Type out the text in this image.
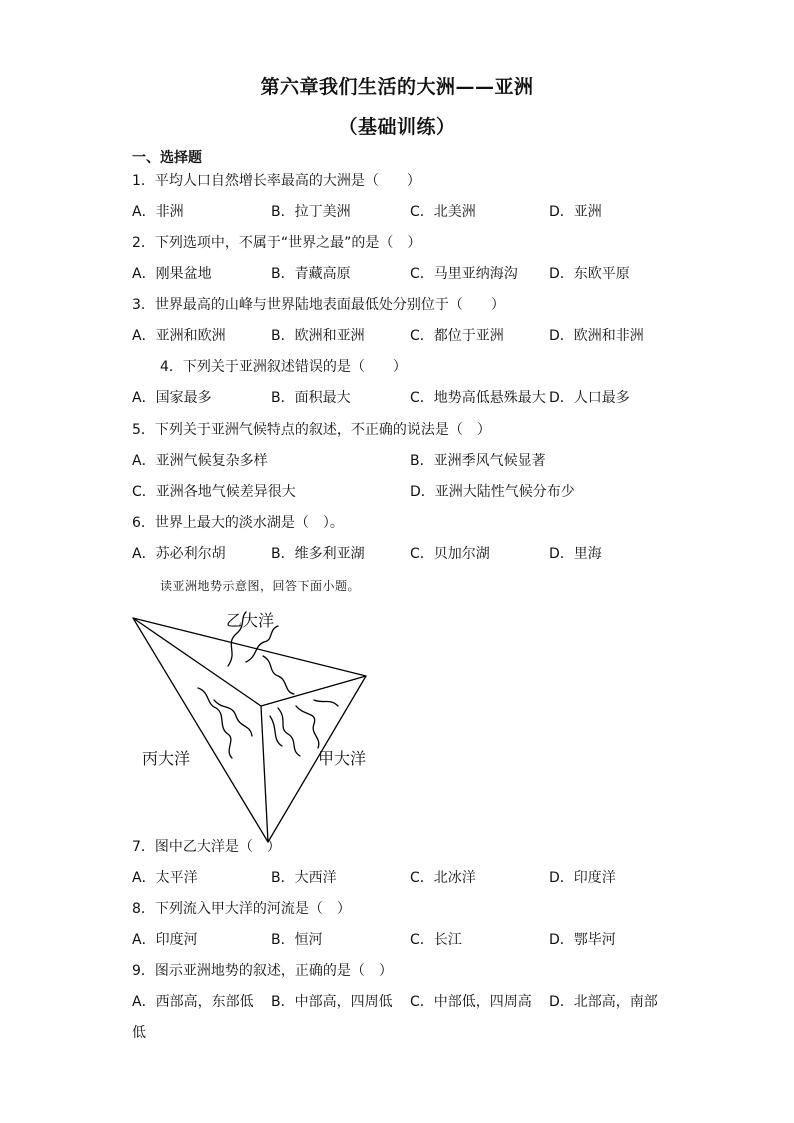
第六章我们生活的大洲——亚洲
（基础训练）
一、选择题
1．平均人口自然增长率最高的大洲是（　　）
A．非洲	B．拉丁美洲	C．北美洲	D．亚洲
2．下列选项中，不属于“世界之最”的是（　）
A．刚果盆地	B．青藏高原	C．马里亚纳海沟 D．东欧平原
3．世界最高的山峰与世界陆地表面最低处分别位于（　　）
A．亚洲和欧洲	B．欧洲和亚洲	C．都位于亚洲	D．欧洲和非洲
4．下列关于亚洲叙述错误的是（　　）
A．国家最多	B．面积最大	C．地势高低悬殊最大 D．人口最多
5．下列关于亚洲气候特点的叙述，不正确的说法是（　）
A．亚洲气候复杂多样	B．亚洲季风气候显著
C．亚洲各地气候差异很大	D．亚洲大陆性气候分布少
6．世界上最大的淡水湖是（　）。
A．苏必利尔胡	B．维多利亚湖	C．贝加尔湖	D．里海
读亚洲地势示意图，回答下面小题。
乙大洋
丙大洋	甲大洋
7．图中乙大洋是（　）
A．太平洋	B．大西洋	C．北冰洋	D．印度洋
8．下列流入甲大洋的河流是（　）
A．印度河	B．恒河	C．长江	D．鄂毕河
9．图示亚洲地势的叙述，正确的是（　）
A．西部高，东部低 B．中部高，四周低 C．中部低，四周高 D．北部高，南部
低
